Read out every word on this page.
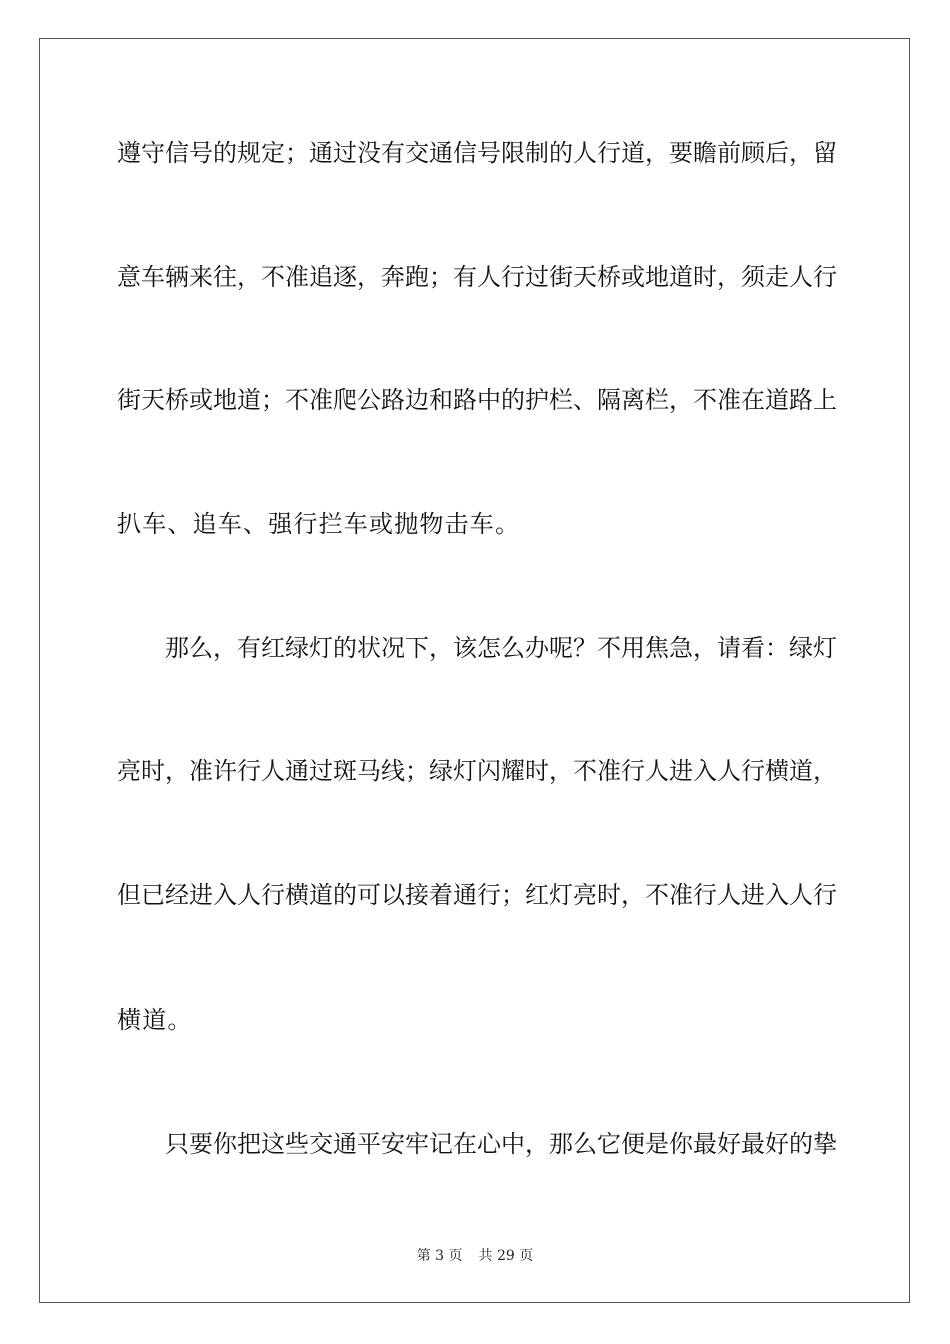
遵守信号的规定；通过没有交通信号限制的人行道，要瞻前顾后，留
意车辆来往，不准追逐，奔跑；有人行过街天桥或地道时，须走人行
街天桥或地道；不准爬公路边和路中的护栏、隔离栏，不准在道路上
扒车、追车、强行拦车或抛物击车。
那么，有红绿灯的状况下，该怎么办呢？不用焦急，请看：绿灯
亮时，准许行人通过斑马线；绿灯闪耀时，不准行人进入人行横道，
但已经进入人行横道的可以接着通行；红灯亮时，不准行人进入人行
横道。
只要你把这些交通平安牢记在心中，那么它便是你最好最好的挚
第 3 页 共 29 页
